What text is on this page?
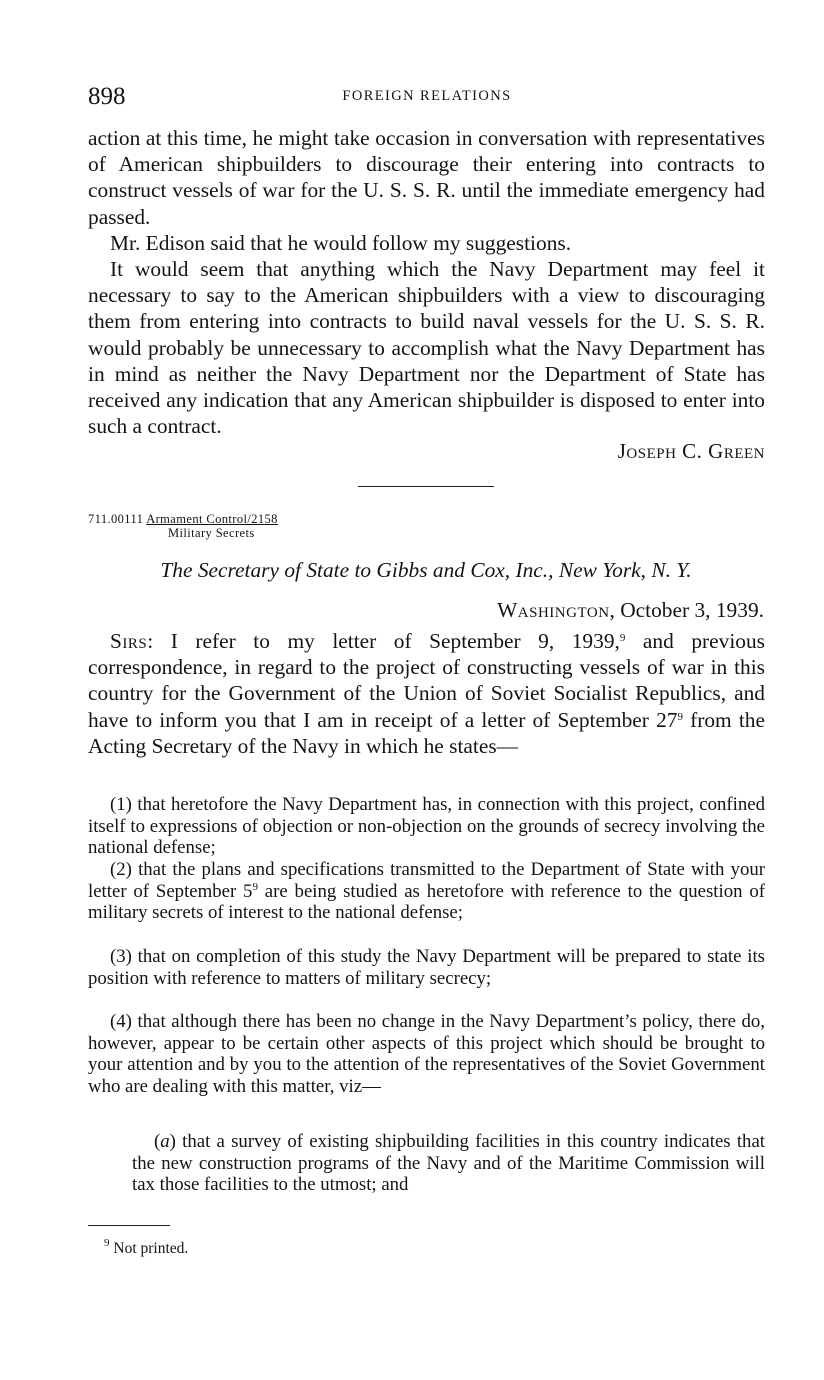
898	FOREIGN RELATIONS

action at this time, he might take occasion in conversation with representatives of American shipbuilders to discourage their entering into contracts to construct vessels of war for the U. S. S. R. until the immediate emergency had passed.

Mr. Edison said that he would follow my suggestions.

It would seem that anything which the Navy Department may feel it necessary to say to the American shipbuilders with a view to discouraging them from entering into contracts to build naval vessels for the U. S. S. R. would probably be unnecessary to accomplish what the Navy Department has in mind as neither the Navy Department nor the Department of State has received any indication that any American shipbuilder is disposed to enter into such a contract.

Joseph C. Green

711.00111 Armament Control/2158
Military Secrets

The Secretary of State to Gibbs and Cox, Inc., New York, N. Y.

Washington, October 3, 1939.

Sirs: I refer to my letter of September 9, 1939,$^9$ and previous correspondence, in regard to the project of constructing vessels of war in this country for the Government of the Union of Soviet Socialist Republics, and have to inform you that I am in receipt of a letter of September $27^9$ from the Acting Secretary of the Navy in which he states—

(1) that heretofore the Navy Department has, in connection with this project, confined itself to expressions of objection or non-objection on the grounds of secrecy involving the national defense;

(2) that the plans and specifications transmitted to the Department of State with your letter of September $5^9$ are being studied as heretofore with reference to the question of military secrets of interest to the national defense;

(3) that on completion of this study the Navy Department will be prepared to state its position with reference to matters of military secrecy;

(4) that although there has been no change in the Navy Department’s policy, there do, however, appear to be certain other aspects of this project which should be brought to your attention and by you to the attention of the representatives of the Soviet Government who are dealing with this matter, viz—

(a) that a survey of existing shipbuilding facilities in this country indicates that the new construction programs of the Navy and of the Maritime Commission will tax those facilities to the utmost; and

$^9$ Not printed.
